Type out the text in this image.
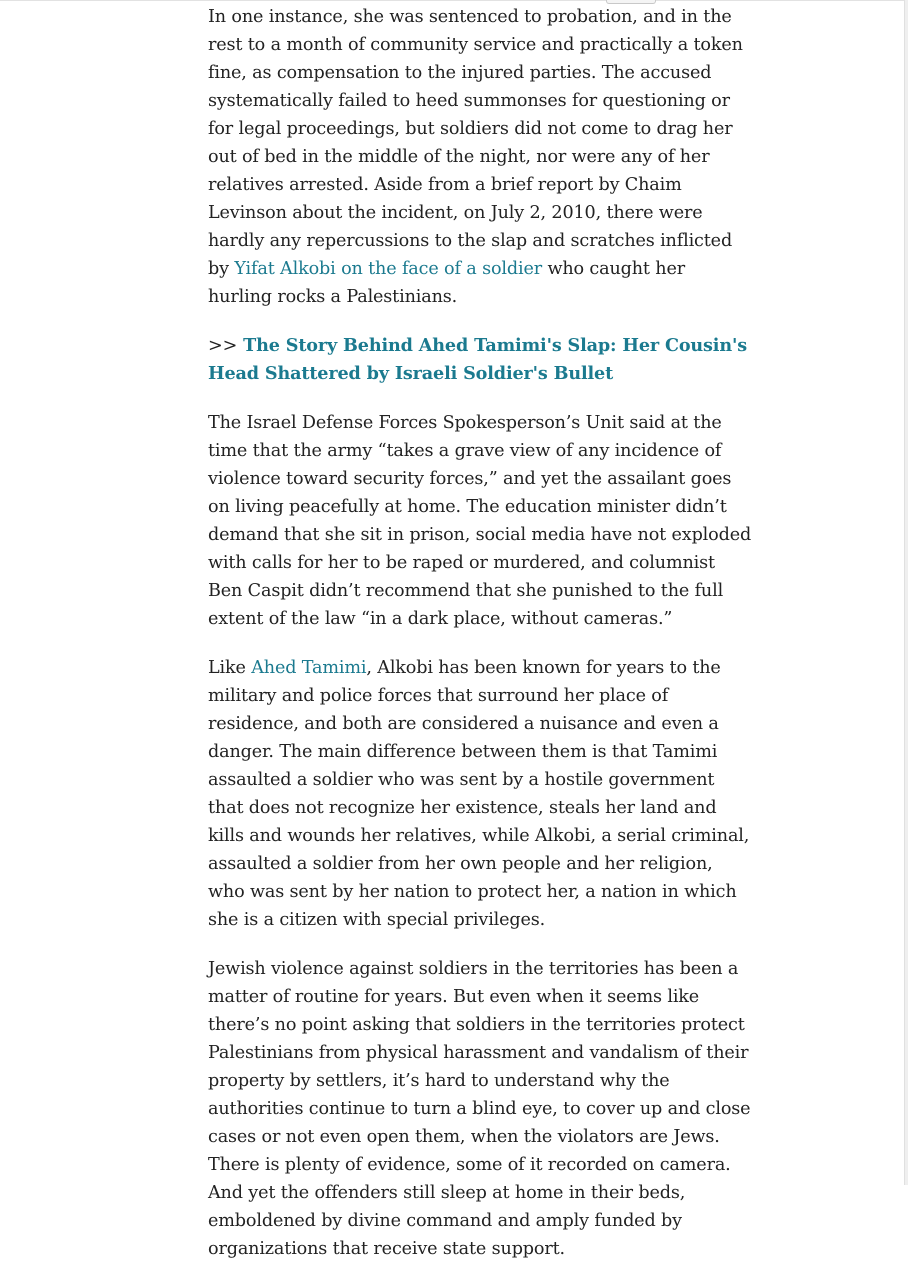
In one instance, she was sentenced to probation, and in the rest to a month of community service and practically a token fine, as compensation to the injured parties. The accused systematically failed to heed summonses for questioning or for legal proceedings, but soldiers did not come to drag her out of bed in the middle of the night, nor were any of her relatives arrested. Aside from a brief report by Chaim Levinson about the incident, on July 2, 2010, there were hardly any repercussions to the slap and scratches inflicted by Yifat Alkobi on the face of a soldier who caught her hurling rocks a Palestinians.

>> The Story Behind Ahed Tamimi's Slap: Her Cousin's Head Shattered by Israeli Soldier's Bullet

The Israel Defense Forces Spokesperson’s Unit said at the time that the army “takes a grave view of any incidence of violence toward security forces,” and yet the assailant goes on living peacefully at home. The education minister didn’t demand that she sit in prison, social media have not exploded with calls for her to be raped or murdered, and columnist Ben Caspit didn’t recommend that she punished to the full extent of the law “in a dark place, without cameras.”

Like Ahed Tamimi, Alkobi has been known for years to the military and police forces that surround her place of residence, and both are considered a nuisance and even a danger. The main difference between them is that Tamimi assaulted a soldier who was sent by a hostile government that does not recognize her existence, steals her land and kills and wounds her relatives, while Alkobi, a serial criminal, assaulted a soldier from her own people and her religion, who was sent by her nation to protect her, a nation in which she is a citizen with special privileges.

Jewish violence against soldiers in the territories has been a matter of routine for years. But even when it seems like there’s no point asking that soldiers in the territories protect Palestinians from physical harassment and vandalism of their property by settlers, it’s hard to understand why the authorities continue to turn a blind eye, to cover up and close cases or not even open them, when the violators are Jews. There is plenty of evidence, some of it recorded on camera. And yet the offenders still sleep at home in their beds, emboldened by divine command and amply funded by organizations that receive state support.
